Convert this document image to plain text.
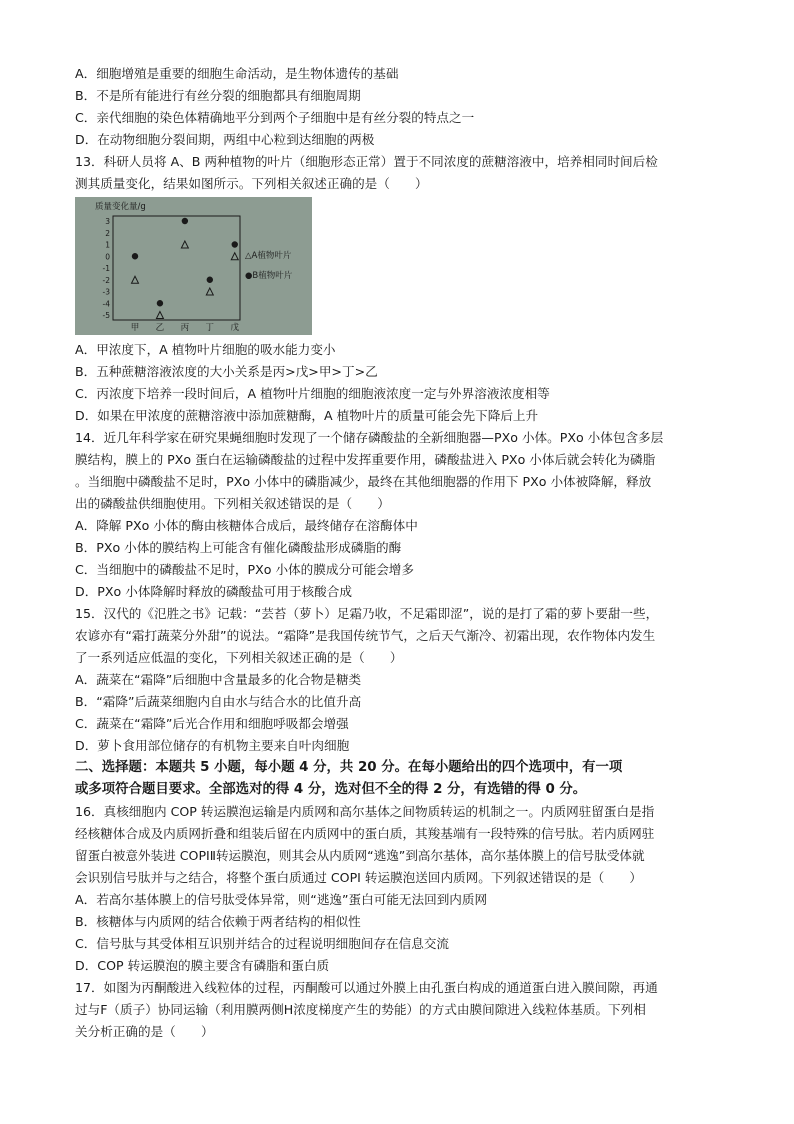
A．细胞增殖是重要的细胞生命活动，是生物体遗传的基础
B．不是所有能进行有丝分裂的细胞都具有细胞周期
C．亲代细胞的染色体精确地平分到两个子细胞中是有丝分裂的特点之一
D．在动物细胞分裂间期，两组中心粒到达细胞的两极
13．科研人员将 A、B 两种植物的叶片（细胞形态正常）置于不同浓度的蔗糖溶液中，培养相同时间后检
测其质量变化，结果如图所示。下列相关叙述正确的是（　　）
质量变化量/g
3
2
1
0
-1
-2
-3
-4
-5
甲 乙 丙 丁 戊
△A植物叶片
●B植物叶片
A．甲浓度下，A 植物叶片细胞的吸水能力变小
B．五种蔗糖溶液浓度的大小关系是丙>戊>甲>丁>乙
C．丙浓度下培养一段时间后，A 植物叶片细胞的细胞液浓度一定与外界溶液浓度相等
D．如果在甲浓度的蔗糖溶液中添加蔗糖酶，A 植物叶片的质量可能会先下降后上升
14．近几年科学家在研究果蝇细胞时发现了一个储存磷酸盐的全新细胞器—PXo 小体。PXo 小体包含多层
膜结构，膜上的 PXo 蛋白在运输磷酸盐的过程中发挥重要作用，磷酸盐进入 PXo 小体后就会转化为磷脂
。当细胞中磷酸盐不足时，PXo 小体中的磷脂减少，最终在其他细胞器的作用下 PXo 小体被降解，释放
出的磷酸盐供细胞使用。下列相关叙述错误的是（　　）
A．降解 PXo 小体的酶由核糖体合成后，最终储存在溶酶体中
B．PXo 小体的膜结构上可能含有催化磷酸盐形成磷脂的酶
C．当细胞中的磷酸盐不足时，PXo 小体的膜成分可能会增多
D．PXo 小体降解时释放的磷酸盐可用于核酸合成
15．汉代的《氾胜之书》记载：“芸苔（萝卜）足霜乃收，不足霜即涩”，说的是打了霜的萝卜要甜一些，
农谚亦有“霜打蔬菜分外甜”的说法。“霜降”是我国传统节气，之后天气渐冷、初霜出现，农作物体内发生
了一系列适应低温的变化，下列相关叙述正确的是（　　）
A．蔬菜在“霜降”后细胞中含量最多的化合物是糖类
B．“霜降”后蔬菜细胞内自由水与结合水的比值升高
C．蔬菜在“霜降”后光合作用和细胞呼吸都会增强
D．萝卜食用部位储存的有机物主要来自叶肉细胞
二、选择题：本题共 5 小题，每小题 4 分，共 20 分。在每小题给出的四个选项中，有一项
或多项符合题目要求。全部选对的得 4 分，选对但不全的得 2 分，有选错的得 0 分。
16．真核细胞内 COP 转运膜泡运输是内质网和高尔基体之间物质转运的机制之一。内质网驻留蛋白是指
经核糖体合成及内质网折叠和组装后留在内质网中的蛋白质，其羧基端有一段特殊的信号肽。若内质网驻
留蛋白被意外装进 COPIⅡ转运膜泡，则其会从内质网“逃逸”到高尔基体，高尔基体膜上的信号肽受体就
会识别信号肽并与之结合，将整个蛋白质通过 COPI 转运膜泡送回内质网。下列叙述错误的是（　　）
A．若高尔基体膜上的信号肽受体异常，则“逃逸”蛋白可能无法回到内质网
B．核糖体与内质网的结合依赖于两者结构的相似性
C．信号肽与其受体相互识别并结合的过程说明细胞间存在信息交流
D．COP 转运膜泡的膜主要含有磷脂和蛋白质
17．如图为丙酮酸进入线粒体的过程，丙酮酸可以通过外膜上由孔蛋白构成的通道蛋白进入膜间隙，再通
过与F（质子）协同运输（利用膜两侧H浓度梯度产生的势能）的方式由膜间隙进入线粒体基质。下列相
关分析正确的是（　　）
